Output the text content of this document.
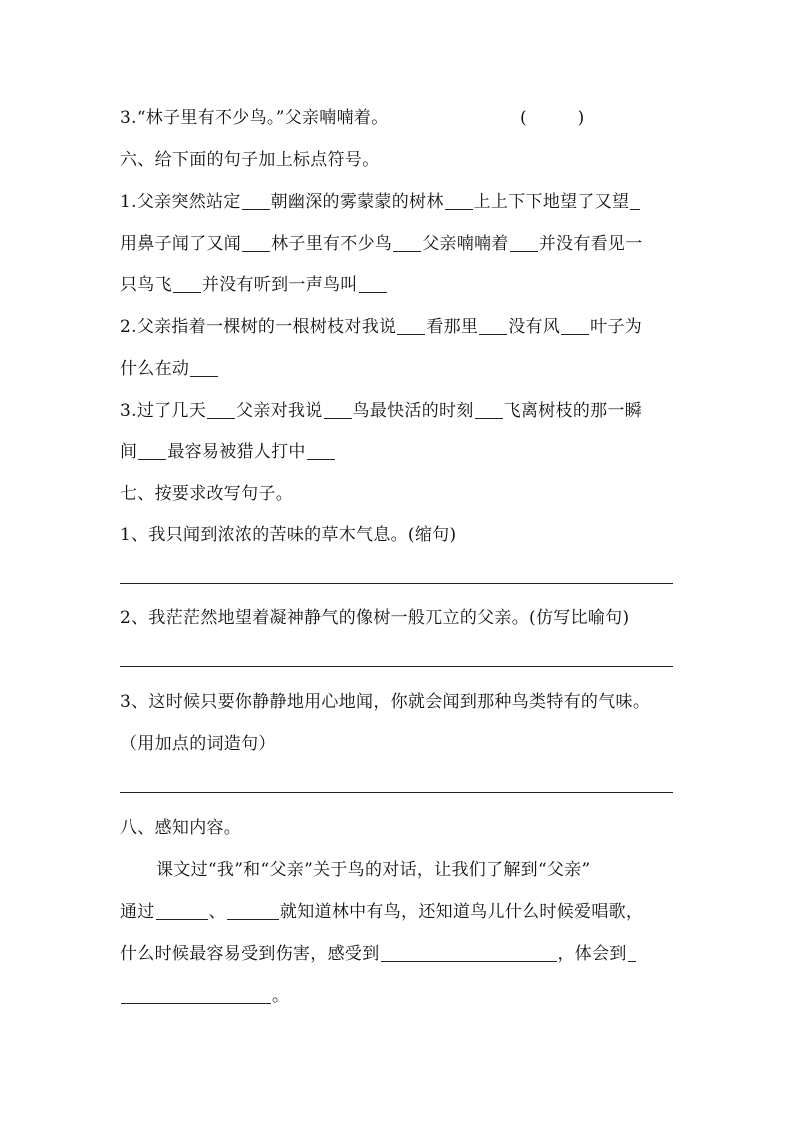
3.“林子里有不少鸟。”父亲喃喃着。	(　　　)
六、给下面的句子加上标点符号。
1.父亲突然站定 朝幽深的雾蒙蒙的树林 上上下下地望了又望
用鼻子闻了又闻 林子里有不少鸟 父亲喃喃着 并没有看见一
只鸟飞 并没有听到一声鸟叫
2.父亲指着一棵树的一根树枝对我说 看那里 没有风 叶子为
什么在动
3.过了几天 父亲对我说 鸟最快活的时刻 飞离树枝的那一瞬
间 最容易被猎人打中
七、按要求改写句子。
1、我只闻到浓浓的苦味的草木气息。(缩句)
2、我茫茫然地望着凝神静气的像树一般兀立的父亲。(仿写比喻句)
3、这时候只要你静静地用心地闻，你就会闻到那种鸟类特有的气味。
（用加点的词造句）
八、感知内容。
课文过“我”和“父亲”关于鸟的对话，让我们了解到“父亲”
通过	、	就知道林中有鸟，还知道鸟儿什么时候爱唱歌，
什么时候最容易受到伤害，感受到	，体会到
。
